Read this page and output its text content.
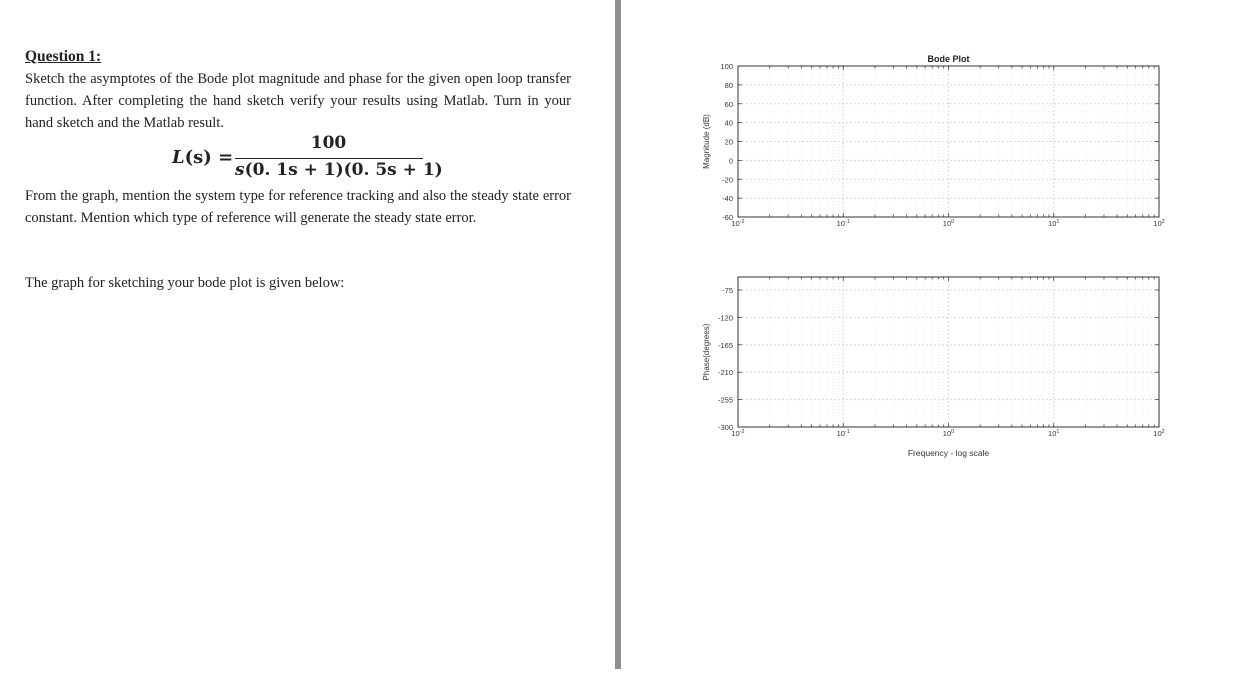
Question 1:
Sketch the asymptotes of the Bode plot magnitude and phase for the given open loop transfer function. After completing the hand sketch verify your results using Matlab. Turn in your hand sketch and the Matlab result.
L(s) =
100
s(0. 1s + 1)(0. 5s + 1)
From the graph, mention the system type for reference tracking and also the steady state error constant. Mention which type of reference will generate the steady state error.
The graph for sketching your bode plot is given below:
100
80
60
40
20
0
-20
-40
-60
$10^{-2}$	$10^{-1}$	$10^0$	$10^1$	$10^2$
Magnitude (dB)
Bode Plot
-75
-120
-165
-210
-255
-300
$10^{-2}$	$10^{-1}$	$10^0$	$10^1$	$10^2$
Phase(degrees)
Frequency - log scale
